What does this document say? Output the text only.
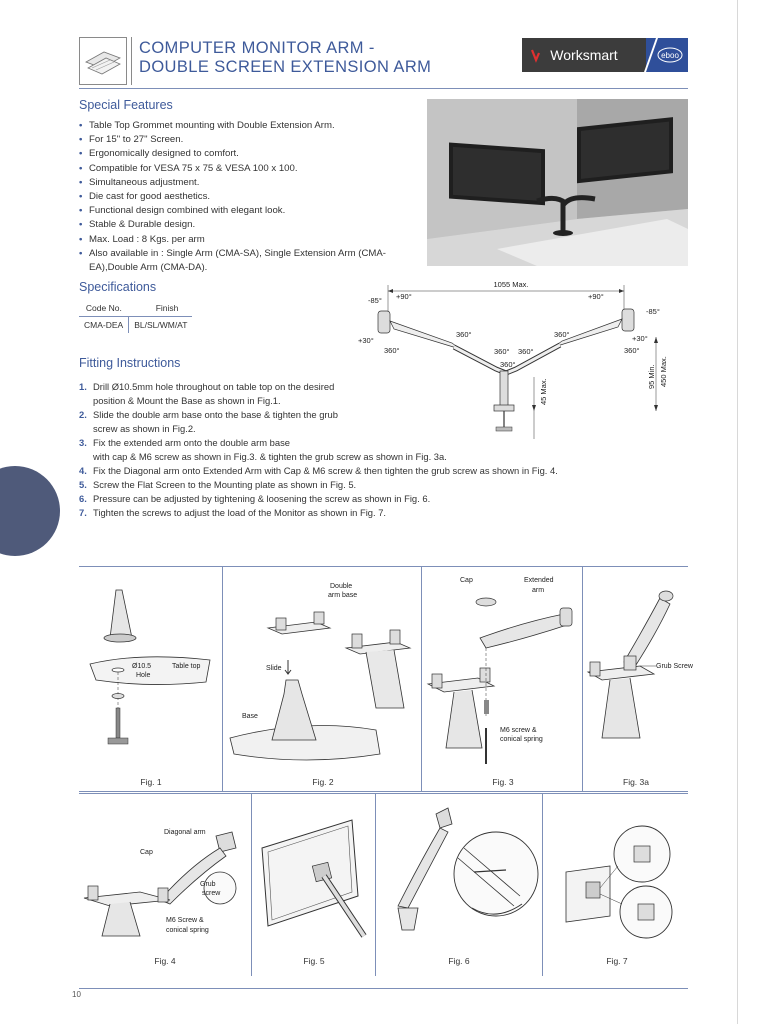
COMPUTER MONITOR ARM -
DOUBLE SCREEN EXTENSION ARM
Worksmart	eboo
Special Features
• Table Top Grommet mounting with Double Extension Arm.
• For 15" to 27" Screen.
• Ergonomically designed to comfort.
• Compatible for VESA 75 x 75 & VESA 100 x 100.
• Simultaneous adjustment.
• Die cast for good aesthetics.
• Functional design combined with elegant look.
• Stable & Durable design.
• Max. Load : 8 Kgs. per arm
• Also available in : Single Arm (CMA-SA), Single Extension Arm (CMA-EA),Double Arm (CMA-DA).
Specifications
Code No.	Finish
CMA-DEA	BL/SL/WM/AT
1055 Max.
+90°	+90°
-85°
-85°
+30°	+30°
360°
360°	360°
360° 360°
360°
360°
45 Max.
95 Min. 450 Max.
Fitting Instructions
1. Drill Ø10.5mm hole throughout on table top on the desired position & Mount the Base as shown in Fig.1.
2. Slide the double arm base onto the base & tighten the grub screw as shown in Fig.2.
3. Fix the extended arm onto the double arm base
with cap & M6 screw as shown in Fig.3. & tighten the grub screw as shown in Fig. 3a.
4. Fix the Diagonal arm onto Extended Arm with Cap & M6 screw & then tighten the grub screw as shown in Fig. 4.
5. Screw the Flat Screen to the Mounting plate as shown in Fig. 5.
6. Pressure can be adjusted by tightening & loosening the screw as shown in Fig. 6.
7. Tighten the screws to adjust the load of the Monitor as shown in Fig. 7.
Ø10.5
Hole
Table top
Fig. 1
Double
arm base
Slide
Base
Fig. 2
Cap	Extended
arm
M6 screw &
conical spring
Fig. 3
Grub Screw
Fig. 3a
Diagonal arm
Cap
Grub
screw
M6 Screw &
conical spring
Fig. 4	Fig. 5	Fig. 6	Fig. 7
10
